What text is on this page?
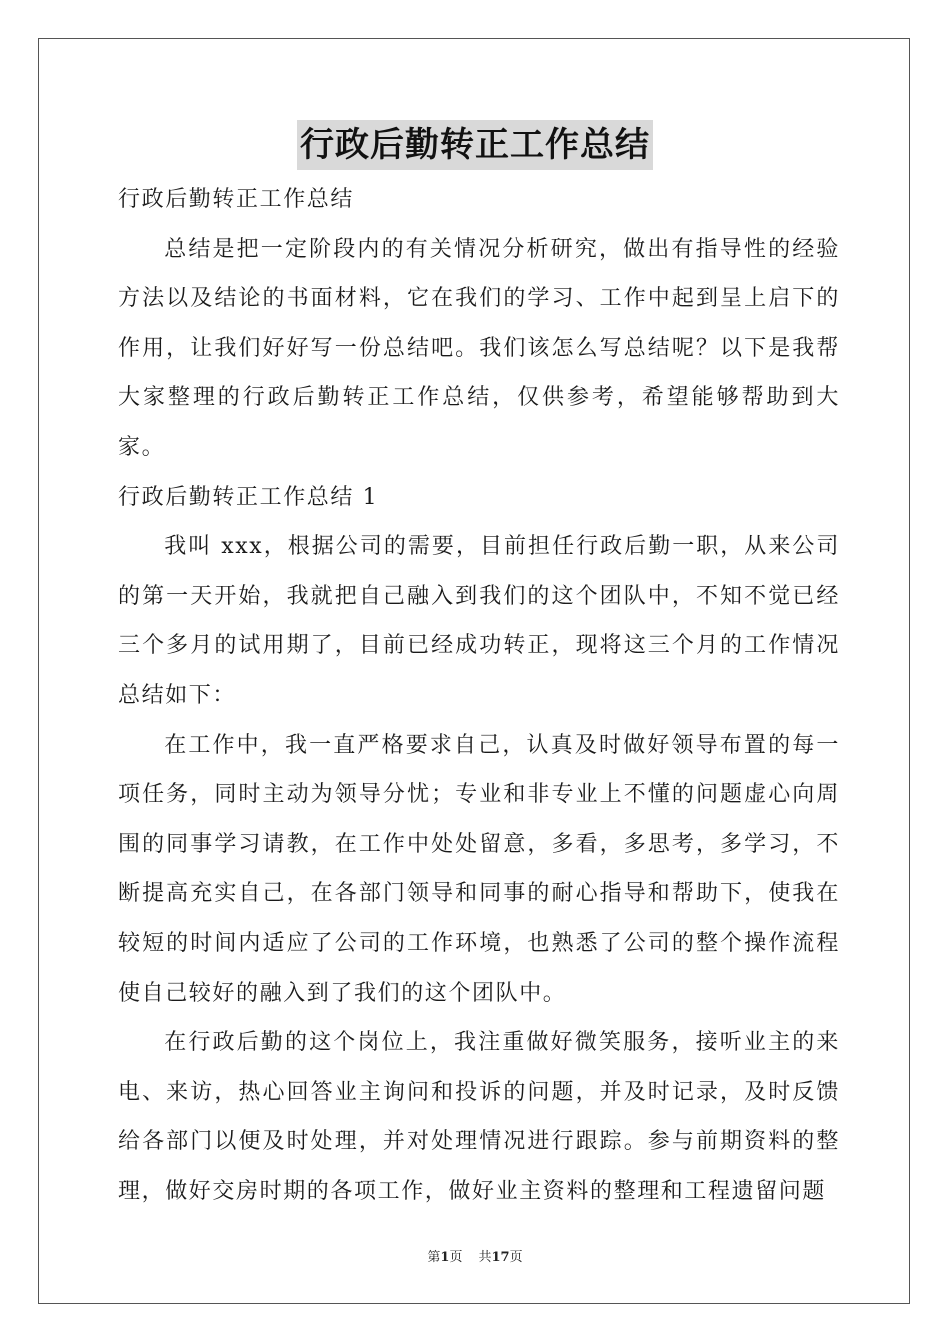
行政后勤转正工作总结

行政后勤转正工作总结

总结是把一定阶段内的有关情况分析研究，做出有指导性的经验方法以及结论的书面材料，它在我们的学习、工作中起到呈上启下的作用，让我们好好写一份总结吧。我们该怎么写总结呢？以下是我帮大家整理的行政后勤转正工作总结，仅供参考，希望能够帮助到大家。

行政后勤转正工作总结 1

我叫 xxx，根据公司的需要，目前担任行政后勤一职，从来公司的第一天开始，我就把自己融入到我们的这个团队中，不知不觉已经三个多月的试用期了，目前已经成功转正，现将这三个月的工作情况总结如下：

在工作中，我一直严格要求自己，认真及时做好领导布置的每一项任务，同时主动为领导分忧；专业和非专业上不懂的问题虚心向周围的同事学习请教，在工作中处处留意，多看，多思考，多学习，不断提高充实自己，在各部门领导和同事的耐心指导和帮助下，使我在较短的时间内适应了公司的工作环境，也熟悉了公司的整个操作流程使自己较好的融入到了我们的这个团队中。

在行政后勤的这个岗位上，我注重做好微笑服务，接听业主的来电、来访，热心回答业主询问和投诉的问题，并及时记录，及时反馈给各部门以便及时处理，并对处理情况进行跟踪。参与前期资料的整理，做好交房时期的各项工作，做好业主资料的整理和工程遗留问题

第1页 共17页
